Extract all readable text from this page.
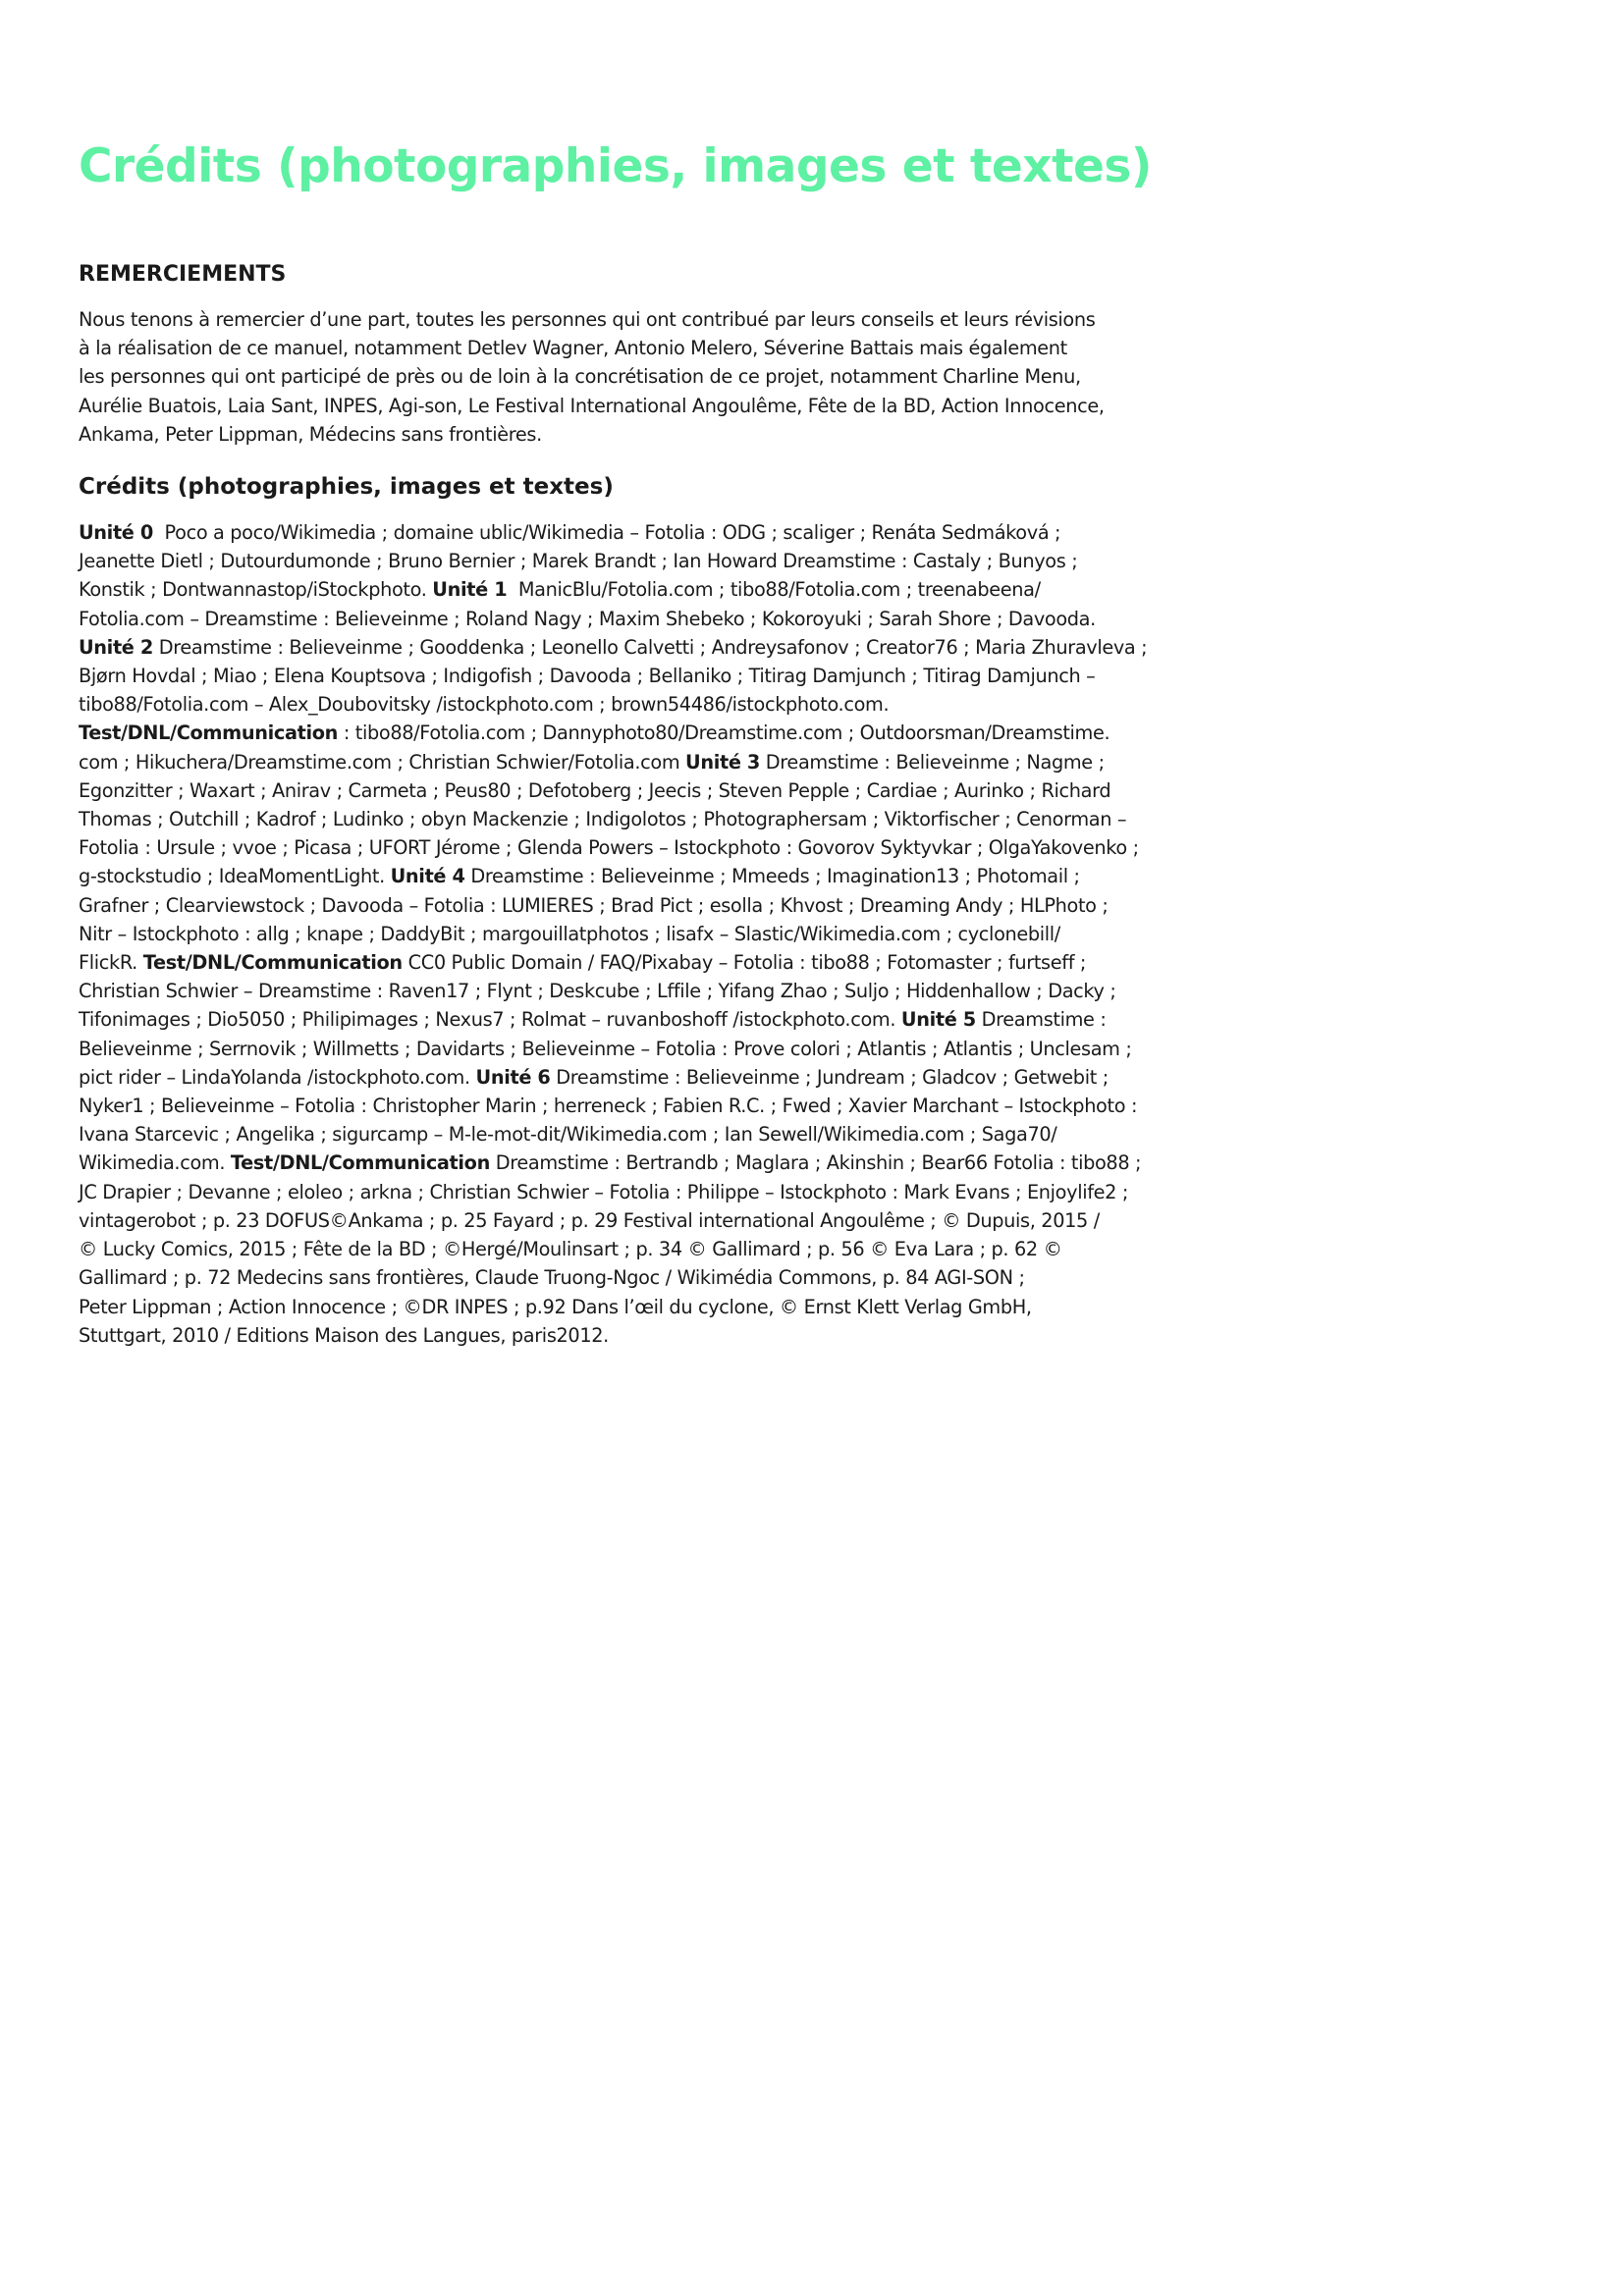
Crédits (photographies, images et textes)
REMERCIEMENTS

Nous tenons à remercier d’une part, toutes les personnes qui ont contribué par leurs conseils et leurs révisions
à la réalisation de ce manuel, notamment Detlev Wagner, Antonio Melero, Séverine Battais mais également
les personnes qui ont participé de près ou de loin à la concrétisation de ce projet, notamment Charline Menu,
Aurélie Buatois, Laia Sant, INPES, Agi-son, Le Festival International Angoulême, Fête de la BD, Action Innocence,
Ankama, Peter Lippman, Médecins sans frontières.

Crédits (photographies, images et textes)

Unité 0  Poco a poco/Wikimedia ; domaine ublic/Wikimedia – Fotolia : ODG ; scaliger ; Renáta Sedmáková ;
Jeanette Dietl ; Dutourdumonde ; Bruno Bernier ; Marek Brandt ; Ian Howard Dreamstime : Castaly ; Bunyos ;
Konstik ; Dontwannastop/iStockphoto. Unité 1  ManicBlu/Fotolia.com ; tibo88/Fotolia.com ; treenabeena/
Fotolia.com – Dreamstime : Believeinme ; Roland Nagy ; Maxim Shebeko ; Kokoroyuki ; Sarah Shore ; Davooda.
Unité 2 Dreamstime : Believeinme ; Gooddenka ; Leonello Calvetti ; Andreysafonov ; Creator76 ; Maria Zhuravleva ;
Bjørn Hovdal ; Miao ; Elena Kouptsova ; Indigofish ; Davooda ; Bellaniko ; Titirag Damjunch ; Titirag Damjunch –
tibo88/Fotolia.com – Alex_Doubovitsky /istockphoto.com ; brown54486/istockphoto.com.
Test/DNL/Communication : tibo88/Fotolia.com ; Dannyphoto80/Dreamstime.com ; Outdoorsman/Dreamstime.
com ; Hikuchera/Dreamstime.com ; Christian Schwier/Fotolia.com Unité 3 Dreamstime : Believeinme ; Nagme ;
Egonzitter ; Waxart ; Anirav ; Carmeta ; Peus80 ; Defotoberg ; Jeecis ; Steven Pepple ; Cardiae ; Aurinko ; Richard
Thomas ; Outchill ; Kadrof ; Ludinko ; obyn Mackenzie ; Indigolotos ; Photographersam ; Viktorfischer ; Cenorman –
Fotolia : Ursule ; vvoe ; Picasa ; UFORT Jérome ; Glenda Powers – Istockphoto : Govorov Syktyvkar ; OlgaYakovenko ;
g-stockstudio ; IdeaMomentLight. Unité 4 Dreamstime : Believeinme ; Mmeeds ; Imagination13 ; Photomail ;
Grafner ; Clearviewstock ; Davooda – Fotolia : LUMIERES ; Brad Pict ; esolla ; Khvost ; Dreaming Andy ; HLPhoto ;
Nitr – Istockphoto : allg ; knape ; DaddyBit ; margouillatphotos ; lisafx – Slastic/Wikimedia.com ; cyclonebill/
FlickR. Test/DNL/Communication CC0 Public Domain / FAQ/Pixabay – Fotolia : tibo88 ; Fotomaster ; furtseff ;
Christian Schwier – Dreamstime : Raven17 ; Flynt ; Deskcube ; Lffile ; Yifang Zhao ; Suljo ; Hiddenhallow ; Dacky ;
Tifonimages ; Dio5050 ; Philipimages ; Nexus7 ; Rolmat – ruvanboshoff /istockphoto.com. Unité 5 Dreamstime :
Believeinme ; Serrnovik ; Willmetts ; Davidarts ; Believeinme – Fotolia : Prove colori ; Atlantis ; Atlantis ; Unclesam ;
pict rider – LindaYolanda /istockphoto.com. Unité 6 Dreamstime : Believeinme ; Jundream ; Gladcov ; Getwebit ;
Nyker1 ; Believeinme – Fotolia : Christopher Marin ; herreneck ; Fabien R.C. ; Fwed ; Xavier Marchant – Istockphoto :
Ivana Starcevic ; Angelika ; sigurcamp – M-le-mot-dit/Wikimedia.com ; Ian Sewell/Wikimedia.com ; Saga70/
Wikimedia.com. Test/DNL/Communication Dreamstime : Bertrandb ; Maglara ; Akinshin ; Bear66 Fotolia : tibo88 ;
JC Drapier ; Devanne ; eloleo ; arkna ; Christian Schwier – Fotolia : Philippe – Istockphoto : Mark Evans ; Enjoylife2 ;
vintagerobot ; p. 23 DOFUS©Ankama ; p. 25 Fayard ; p. 29 Festival international Angoulême ; © Dupuis, 2015 /
© Lucky Comics, 2015 ; Fête de la BD ; ©Hergé/Moulinsart ; p. 34 © Gallimard ; p. 56 © Eva Lara ; p. 62 ©
Gallimard ; p. 72 Medecins sans frontières, Claude Truong-Ngoc / Wikimédia Commons, p. 84 AGI-SON ;
Peter Lippman ; Action Innocence ; ©DR INPES ; p.92 Dans l’œil du cyclone, © Ernst Klett Verlag GmbH,
Stuttgart, 2010 / Editions Maison des Langues, paris2012.
